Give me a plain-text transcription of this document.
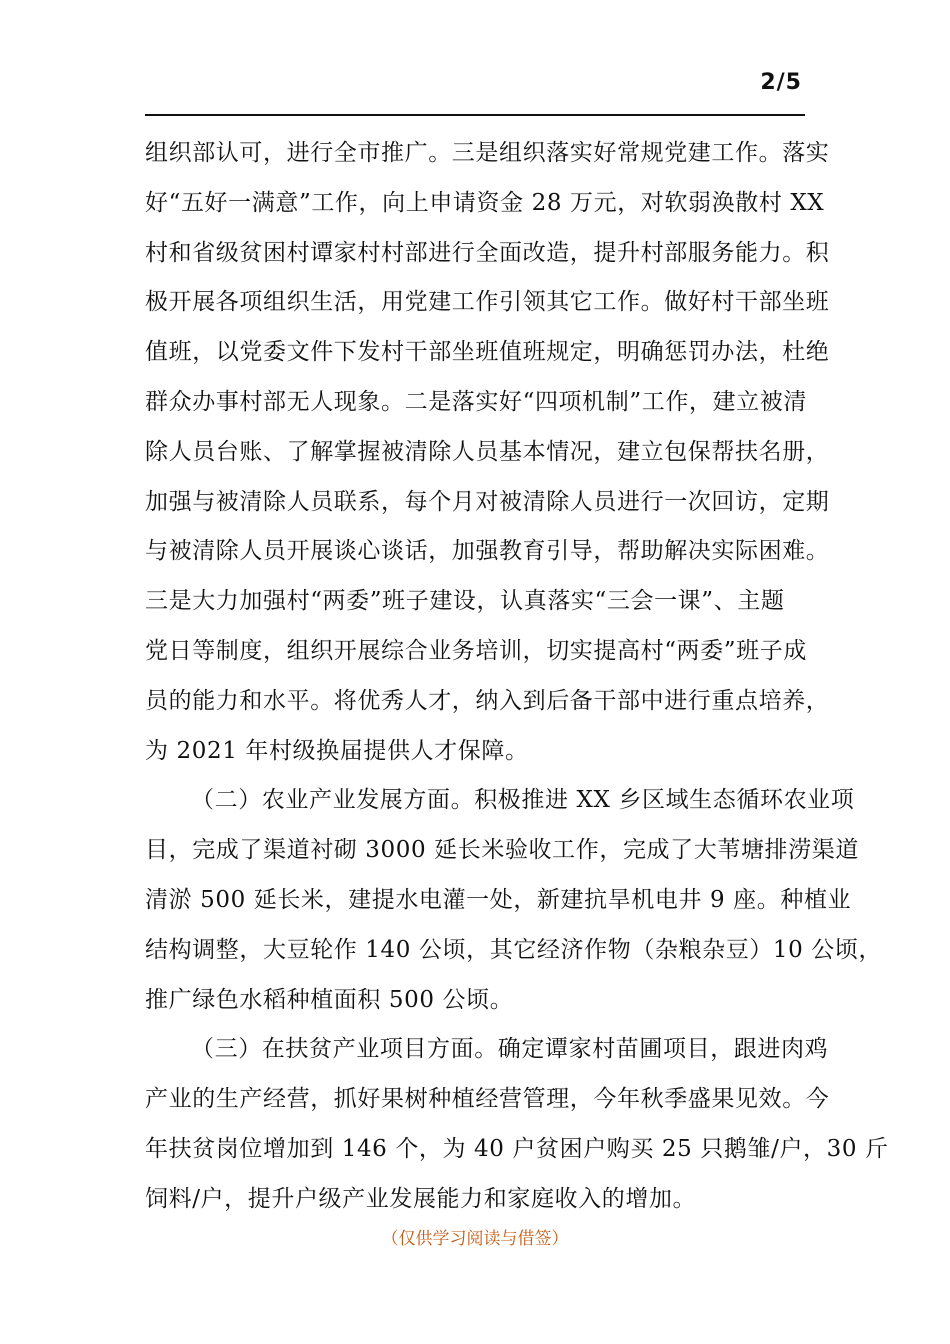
2/5
组织部认可，进行全市推广。三是组织落实好常规党建工作。落实
好“五好一满意”工作，向上申请资金 28 万元，对软弱涣散村 XX
村和省级贫困村谭家村村部进行全面改造，提升村部服务能力。积
极开展各项组织生活，用党建工作引领其它工作。做好村干部坐班
值班，以党委文件下发村干部坐班值班规定，明确惩罚办法，杜绝
群众办事村部无人现象。二是落实好“四项机制”工作，建立被清
除人员台账、了解掌握被清除人员基本情况，建立包保帮扶名册，
加强与被清除人员联系，每个月对被清除人员进行一次回访，定期
与被清除人员开展谈心谈话，加强教育引导，帮助解决实际困难。
三是大力加强村“两委”班子建设，认真落实“三会一课”、主题
党日等制度，组织开展综合业务培训，切实提高村“两委”班子成
员的能力和水平。将优秀人才，纳入到后备干部中进行重点培养，
为 2021 年村级换届提供人才保障。
（二）农业产业发展方面。积极推进 XX 乡区域生态循环农业项
目，完成了渠道衬砌 3000 延长米验收工作，完成了大苇塘排涝渠道
清淤 500 延长米，建提水电灌一处，新建抗旱机电井 9 座。种植业
结构调整，大豆轮作 140 公顷，其它经济作物（杂粮杂豆）10 公顷，
推广绿色水稻种植面积 500 公顷。
（三）在扶贫产业项目方面。确定谭家村苗圃项目，跟进肉鸡
产业的生产经营，抓好果树种植经营管理，今年秋季盛果见效。今
年扶贫岗位增加到 146 个，为 40 户贫困户购买 25 只鹅雏/户，30 斤
饲料/户，提升户级产业发展能力和家庭收入的增加。
（仅供学习阅读与借签）
